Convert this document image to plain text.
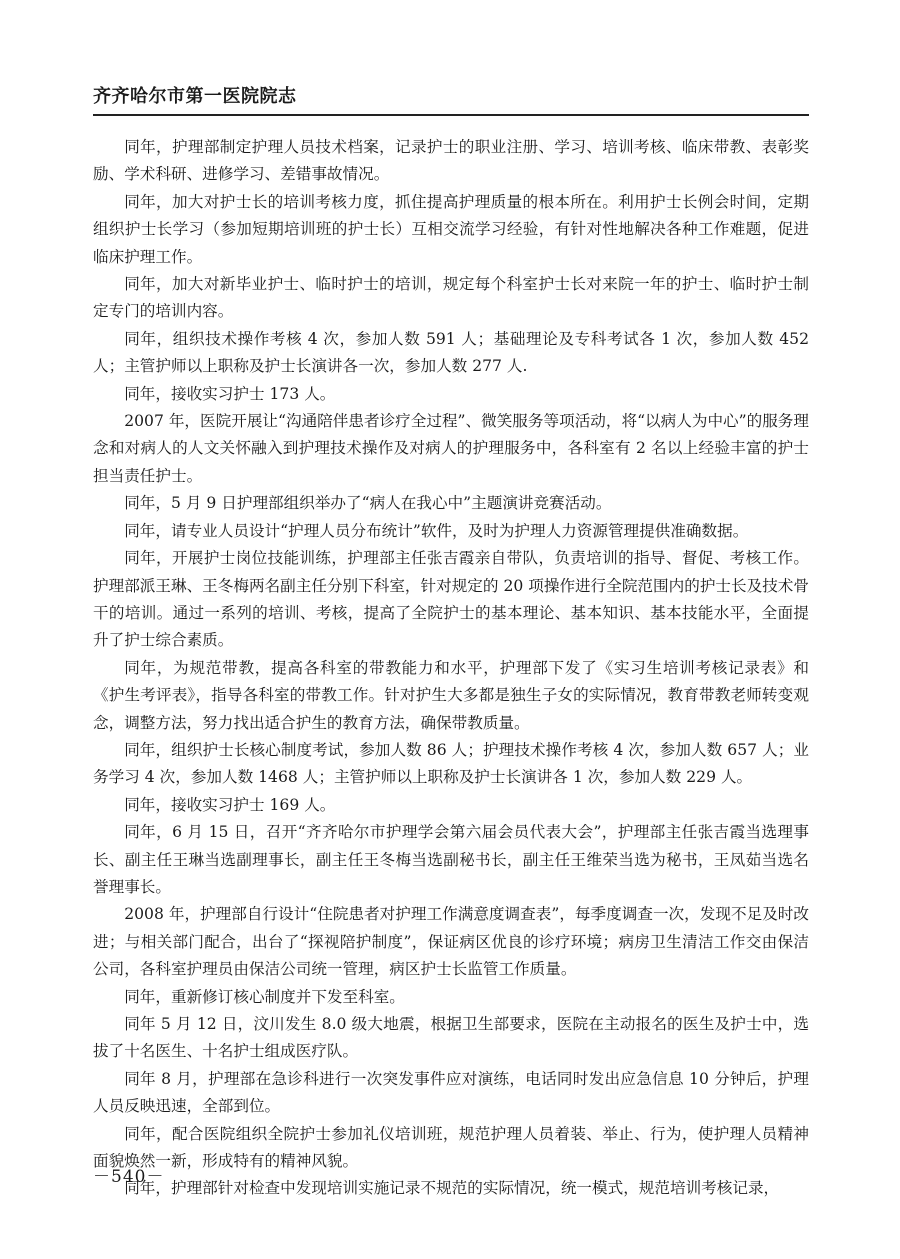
齐齐哈尔市第一医院院志

同年，护理部制定护理人员技术档案，记录护士的职业注册、学习、培训考核、临床带教、表彰奖励、学术科研、进修学习、差错事故情况。

同年，加大对护士长的培训考核力度，抓住提高护理质量的根本所在。利用护士长例会时间，定期组织护士长学习（参加短期培训班的护士长）互相交流学习经验，有针对性地解决各种工作难题，促进临床护理工作。

同年，加大对新毕业护士、临时护士的培训，规定每个科室护士长对来院一年的护士、临时护士制定专门的培训内容。

同年，组织技术操作考核 4 次，参加人数 591 人；基础理论及专科考试各 1 次，参加人数 452 人；主管护师以上职称及护士长演讲各一次，参加人数 277 人.

同年，接收实习护士 173 人。

2007 年，医院开展让“沟通陪伴患者诊疗全过程”、微笑服务等项活动，将“以病人为中心”的服务理念和对病人的人文关怀融入到护理技术操作及对病人的护理服务中，各科室有 2 名以上经验丰富的护士担当责任护士。

同年，5 月 9 日护理部组织举办了“病人在我心中”主题演讲竞赛活动。

同年，请专业人员设计“护理人员分布统计”软件，及时为护理人力资源管理提供准确数据。

同年，开展护士岗位技能训练，护理部主任张吉霞亲自带队，负责培训的指导、督促、考核工作。护理部派王琳、王冬梅两名副主任分别下科室，针对规定的 20 项操作进行全院范围内的护士长及技术骨干的培训。通过一系列的培训、考核，提高了全院护士的基本理论、基本知识、基本技能水平，全面提升了护士综合素质。

同年，为规范带教，提高各科室的带教能力和水平，护理部下发了《实习生培训考核记录表》和《护生考评表》，指导各科室的带教工作。针对护生大多都是独生子女的实际情况，教育带教老师转变观念，调整方法，努力找出适合护生的教育方法，确保带教质量。

同年，组织护士长核心制度考试，参加人数 86 人；护理技术操作考核 4 次，参加人数 657 人；业务学习 4 次，参加人数 1468 人；主管护师以上职称及护士长演讲各 1 次，参加人数 229 人。

同年，接收实习护士 169 人。

同年，6 月 15 日，召开“齐齐哈尔市护理学会第六届会员代表大会”，护理部主任张吉霞当选理事长、副主任王琳当选副理事长，副主任王冬梅当选副秘书长，副主任王维荣当选为秘书，王凤茹当选名誉理事长。

2008 年，护理部自行设计“住院患者对护理工作满意度调查表”，每季度调查一次，发现不足及时改进；与相关部门配合，出台了“探视陪护制度”，保证病区优良的诊疗环境；病房卫生清洁工作交由保洁公司，各科室护理员由保洁公司统一管理，病区护士长监管工作质量。

同年，重新修订核心制度并下发至科室。

同年 5 月 12 日，汶川发生 8.0 级大地震，根据卫生部要求，医院在主动报名的医生及护士中，选拔了十名医生、十名护士组成医疗队。

同年 8 月，护理部在急诊科进行一次突发事件应对演练，电话同时发出应急信息 10 分钟后，护理人员反映迅速，全部到位。

同年，配合医院组织全院护士参加礼仪培训班，规范护理人员着装、举止、行为，使护理人员精神面貌焕然一新，形成特有的精神风貌。

同年，护理部针对检查中发现培训实施记录不规范的实际情况，统一模式，规范培训考核记录，

－540－
